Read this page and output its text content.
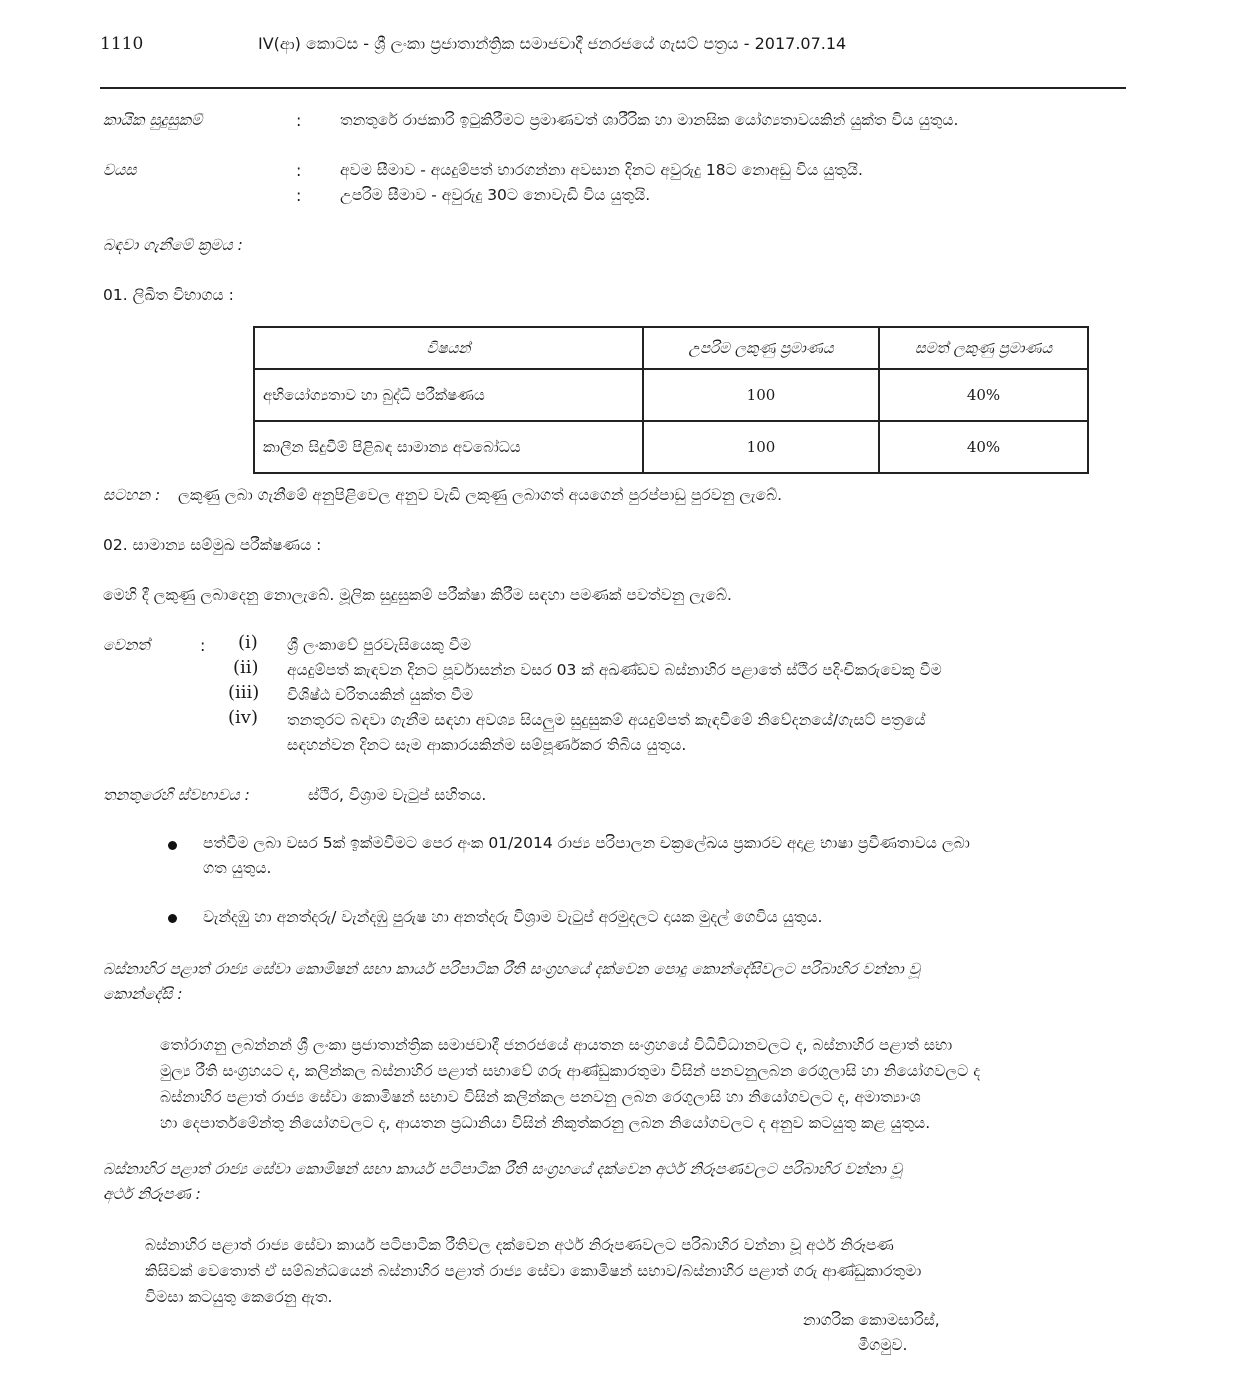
1110	IV(ආ) කොටස - ශ්‍රී ලංකා ප්‍රජාතාන්ත්‍රික සමාජවාදී ජනරජයේ ගැසට් පත්‍රය - 2017.07.14
කායික සුදුසුකම්	: තනතුරේ රාජකාරි ඉටුකිරීමට ප්‍රමාණවත් ශාරීරික හා මානසික යෝග්‍යතාවයකින් යුක්ත විය යුතුය.
වයස	: අවම සීමාව - අයදුම්පත් භාරගන්නා අවසාන දිනට අවුරුදු 18ට නොඅඩු විය යුතුයි.
: උපරිම සීමාව - අවුරුදු 30ට නොවැඩි විය යුතුයි.
බඳවා ගැනීමේ ක්‍රමය :
01. ලිඛිත විභාගය :
විෂයන්	උපරිම ලකුණු ප්‍රමාණය	සමත් ලකුණු ප්‍රමාණය
අභියෝග්‍යතාව හා බුද්ධි පරීක්ෂණය	100	40%
කාලීන සිදුවීම් පිළිබඳ සාමාන්‍ය අවබෝධය	100	40%
සටහන : ලකුණු ලබා ගැනීමේ අනුපිළිවෙල අනුව වැඩි ලකුණු ලබාගත් අයගෙන් පුරප්පාඩු පුරවනු ලැබේ.
02. සාමාන්‍ය සම්මුඛ පරීක්ෂණය :
මෙහි දී ලකුණු ලබාදෙනු නොලැබේ. මූලික සුදුසුකම් පරීක්ෂා කිරීම සඳහා පමණක් පවත්වනු ලැබේ.
වෙනත්	: (i) ශ්‍රී ලංකාවේ පුරවැසියෙකු වීම
(ii) අයදුම්පත් කැඳවන දිනට පූර්වාසන්න වසර 03 ක් අඛණ්ඩව බස්නාහිර පළාතේ ස්ථිර පදිංචිකරුවෙකු වීම
(iii) විශිෂ්ඨ චරිතයකින් යුක්ත වීම
(iv) තනතුරට බඳවා ගැනීම සඳහා අවශ්‍ය සියලුම සුදුසුකම් අයදුම්පත් කැඳවීමේ නිවේදනයේ/ගැසට් පත්‍රයේ
සඳහන්වන දිනට සෑම ආකාරයකින්ම සම්පූර්ණකර තිබිය යුතුය.
තනතුරෙහි ස්වභාවය :	ස්ථිර, විශ්‍රාම වැටුප් සහිතය.
පත්වීම ලබා වසර 5ක් ඉක්මවීමට පෙර අංක 01/2014 රාජ්‍ය පරිපාලන චක්‍රලේඛය ප්‍රකාරව අදාළ භාෂා ප්‍රවීණතාවය ලබා
ගත යුතුය.
වැන්දඹු හා අනත්දරු/ වැන්දඹු පුරුෂ හා අනත්දරු විශ්‍රාම වැටුප් අරමුදලට දායක මුදල් ගෙවිය යුතුය.
බස්නාහිර පළාත් රාජ්‍ය සේවා කොමිෂන් සභා කාර්ය පරිපාටික රීති සංග්‍රහයේ දක්වෙන පොදු කොන්දේසිවලට පරිබාහිර වන්නා වූ
කොන්දේසි :
තෝරාගනු ලබන්නන් ශ්‍රී ලංකා ප්‍රජාතාන්ත්‍රික සමාජවාදී ජනරජයේ ආයතන සංග්‍රහයේ විධිවිධානවලට ද, බස්නාහිර පළාත් සභා
මුල්‍ය රීති සංග්‍රහයට ද, කලින්කල බස්නාහිර පළාත් සභාවේ ගරු ආණ්ඩුකාරතුමා විසින් පනවනුලබන රෙගුලාසි හා නියෝගවලට ද
බස්නාහිර පළාත් රාජ්‍ය සේවා කොමිෂන් සභාව විසින් කලින්කල පනවනු ලබන රෙගුලාසි හා නියෝගවලට ද, අමාත්‍යාංශ
හා දෙපාර්තමේන්තු නියෝගවලට ද, ආයතන ප්‍රධානියා විසින් නිකුත්කරනු ලබන නියෝගවලට ද අනුව කටයුතු කළ යුතුය.
බස්නාහිර පළාත් රාජ්‍ය සේවා කොමිෂන් සභා කාර්ය පටිපාටික රීති සංග්‍රහයේ දක්වෙන අර්ථ නිරූපණවලට පරිබාහිර වන්නා වූ
අර්ථ නිරූපණ :
බස්නාහිර පළාත් රාජ්‍ය සේවා කාර්ය පටිපාටික රීතිවල දක්වෙන අර්ථ නිරූපණවලට පරිබාහිර වන්නා වූ අර්ථ නිරූපණ
කිසිවක් වෙතොත් ඒ සම්බන්ධයෙන් බස්නාහිර පළාත් රාජ්‍ය සේවා කොමිෂන් සභාව/බස්නාහිර පළාත් ගරු ආණ්ඩුකාරතුමා
විමසා කටයුතු කෙරෙනු ඇත.
නාගරික කොමසාරිස්,
මීගමුව.
